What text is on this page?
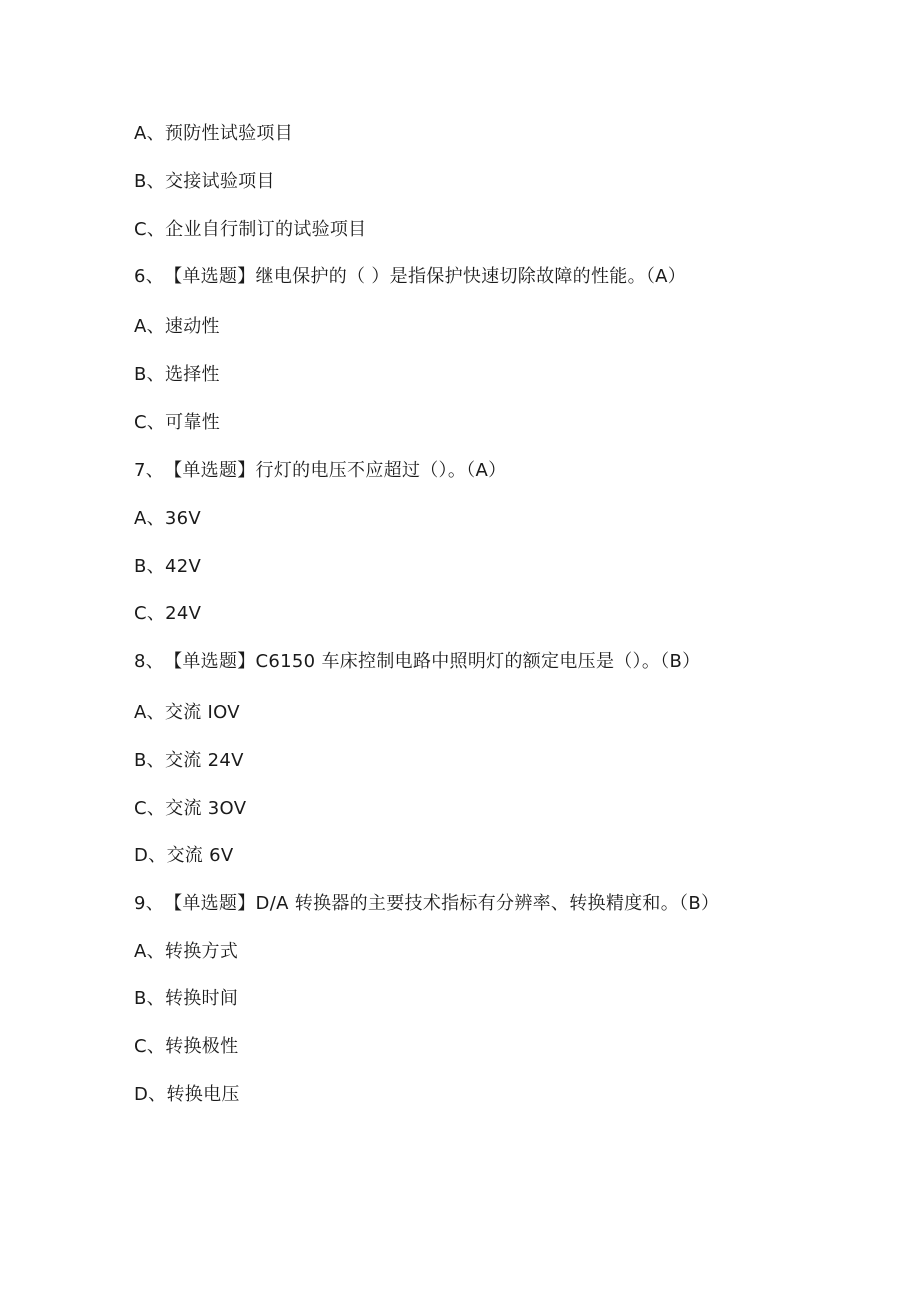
A、预防性试验项目
B、交接试验项目
C、企业自行制订的试验项目
6、【单选题】继电保护的（ ）是指保护快速切除故障的性能。（A）
A、速动性
B、选择性
C、可靠性
7、【单选题】行灯的电压不应超过（）。（A）
A、36V
B、42V
C、24V
8、【单选题】C6150 车床控制电路中照明灯的额定电压是（）。（B）
A、交流 IOV
B、交流 24V
C、交流 3OV
D、交流 6V
9、【单选题】D/A 转换器的主要技术指标有分辨率、转换精度和。（B）
A、转换方式
B、转换时间
C、转换极性
D、转换电压
